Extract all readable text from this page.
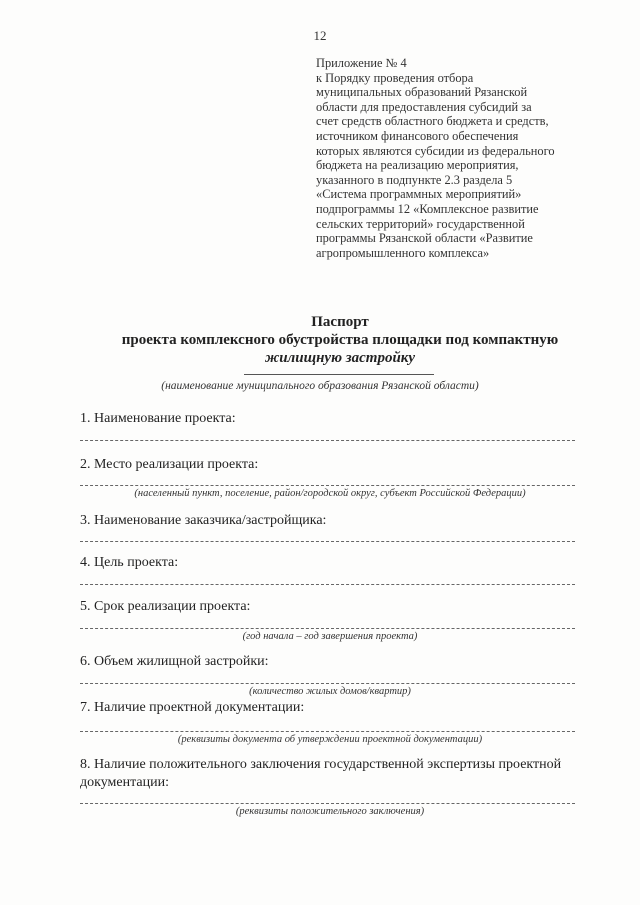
12
Приложение № 4
к Порядку проведения отбора
муниципальных образований Рязанской
области для предоставления субсидий за
счет средств областного бюджета и средств,
источником финансового обеспечения
которых являются субсидии из федерального
бюджета на реализацию мероприятия,
указанного в подпункте 2.3 раздела 5
«Система программных мероприятий»
подпрограммы 12 «Комплексное развитие
сельских территорий» государственной
программы Рязанской области «Развитие
агропромышленного комплекса»
Паспорт
проекта комплексного обустройства площадки под компактную
жилищную застройку
(наименование муниципального образования Рязанской области)
1. Наименование проекта:
2. Место реализации проекта:
(населенный пункт, поселение, район/городской округ, субъект Российской Федерации)
3. Наименование заказчика/застройщика:
4. Цель проекта:
5. Срок реализации проекта:
(год начала – год завершения проекта)
6. Объем жилищной застройки:
(количество жилых домов/квартир)
7. Наличие проектной документации:
(реквизиты документа об утверждении проектной документации)
8. Наличие положительного заключения государственной экспертизы проектной
документации:
(реквизиты положительного заключения)
